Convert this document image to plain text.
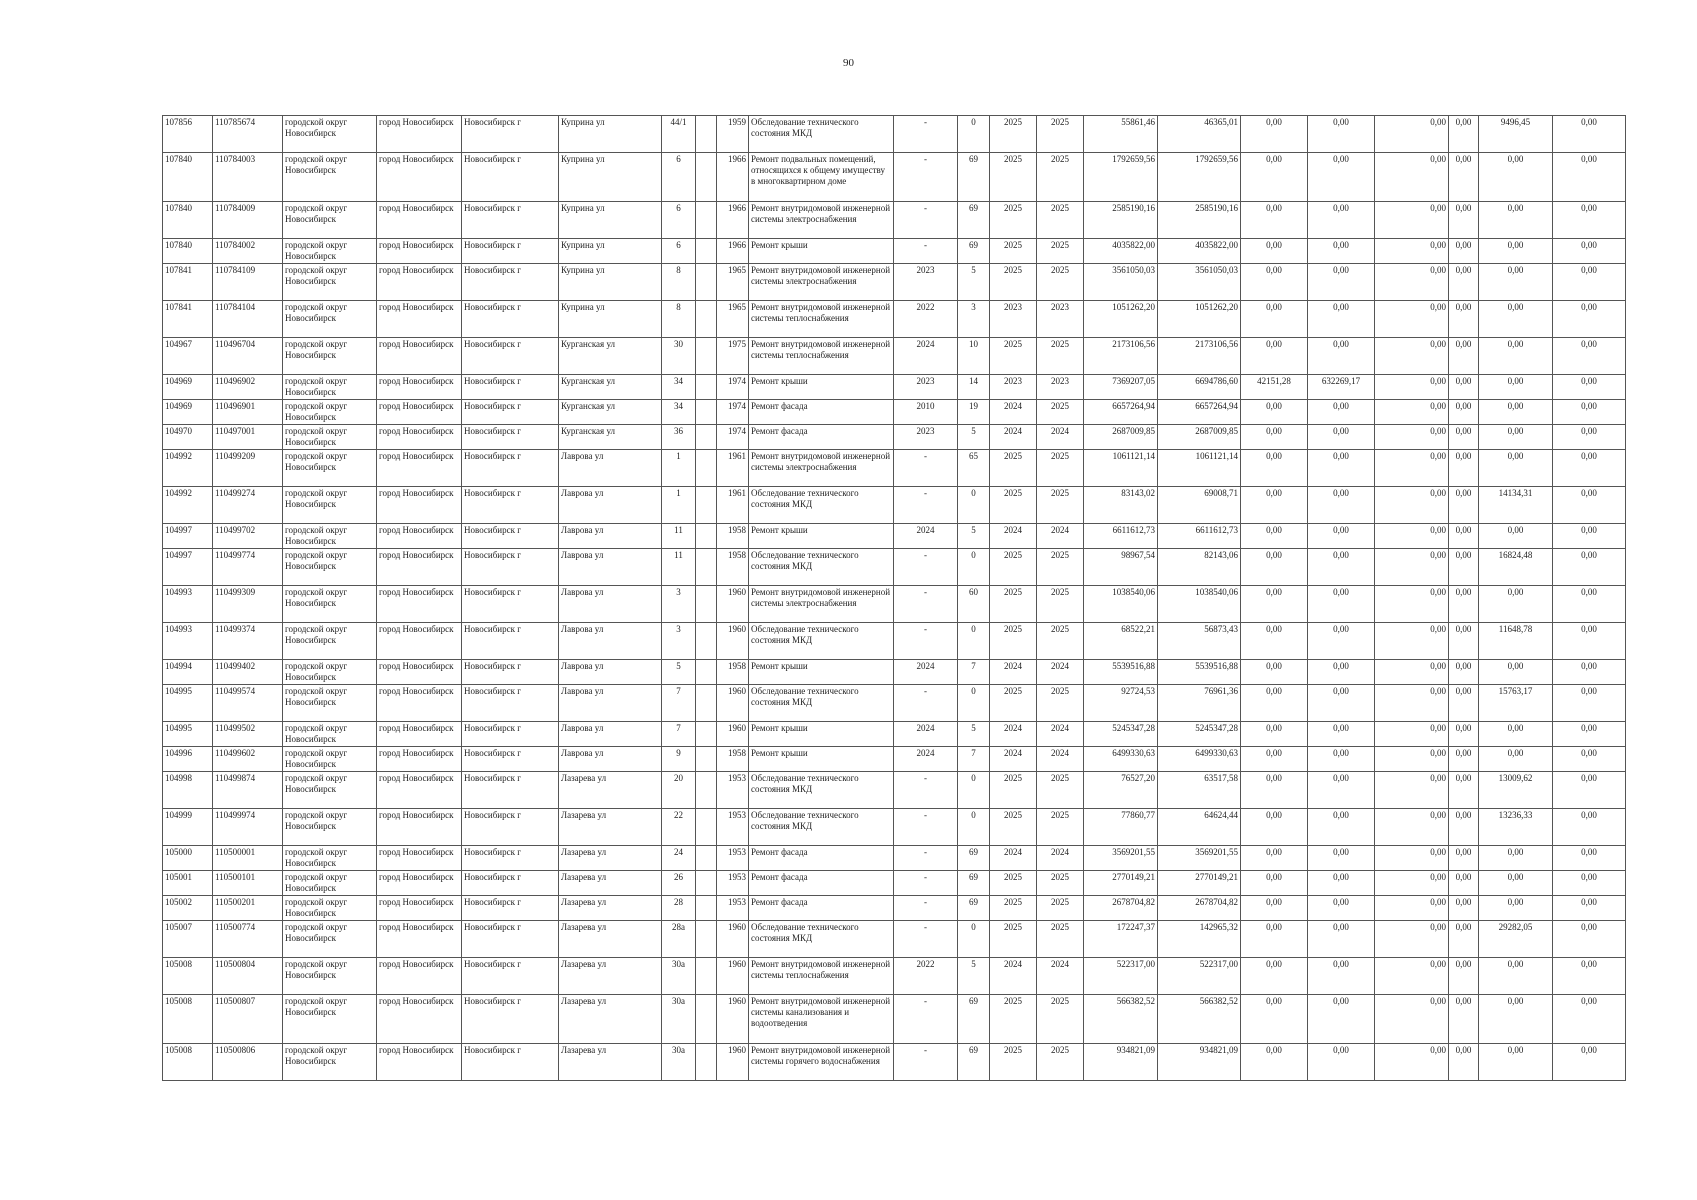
90
107856	110785674	городской округ Новосибирск	город Новосибирск	Новосибирск г	Куприна ул	44/1		1959	Обследование технического состояния МКД	-	0	2025	2025	55861,46	46365,01	0,00	0,00	0,00	0,00	9496,45	0,00
107840	110784003	городской округ Новосибирск	город Новосибирск	Новосибирск г	Куприна ул	6		1966	Ремонт подвальных помещений, относящихся к общему имуществу в многоквартирном доме	-	69	2025	2025	1792659,56	1792659,56	0,00	0,00	0,00	0,00	0,00	0,00
107840	110784009	городской округ Новосибирск	город Новосибирск	Новосибирск г	Куприна ул	6		1966	Ремонт внутридомовой инженерной системы электроснабжения	-	69	2025	2025	2585190,16	2585190,16	0,00	0,00	0,00	0,00	0,00	0,00
107840	110784002	городской округ Новосибирск	город Новосибирск	Новосибирск г	Куприна ул	6		1966	Ремонт крыши	-	69	2025	2025	4035822,00	4035822,00	0,00	0,00	0,00	0,00	0,00	0,00
107841	110784109	городской округ Новосибирск	город Новосибирск	Новосибирск г	Куприна ул	8		1965	Ремонт внутридомовой инженерной системы электроснабжения	2023	5	2025	2025	3561050,03	3561050,03	0,00	0,00	0,00	0,00	0,00	0,00
107841	110784104	городской округ Новосибирск	город Новосибирск	Новосибирск г	Куприна ул	8		1965	Ремонт внутридомовой инженерной системы теплоснабжения	2022	3	2023	2023	1051262,20	1051262,20	0,00	0,00	0,00	0,00	0,00	0,00
104967	110496704	городской округ Новосибирск	город Новосибирск	Новосибирск г	Курганская ул	30		1975	Ремонт внутридомовой инженерной системы теплоснабжения	2024	10	2025	2025	2173106,56	2173106,56	0,00	0,00	0,00	0,00	0,00	0,00
104969	110496902	городской округ Новосибирск	город Новосибирск	Новосибирск г	Курганская ул	34		1974	Ремонт крыши	2023	14	2023	2023	7369207,05	6694786,60	42151,28	632269,17	0,00	0,00	0,00	0,00
104969	110496901	городской округ Новосибирск	город Новосибирск	Новосибирск г	Курганская ул	34		1974	Ремонт фасада	2010	19	2024	2025	6657264,94	6657264,94	0,00	0,00	0,00	0,00	0,00	0,00
104970	110497001	городской округ Новосибирск	город Новосибирск	Новосибирск г	Курганская ул	36		1974	Ремонт фасада	2023	5	2024	2024	2687009,85	2687009,85	0,00	0,00	0,00	0,00	0,00	0,00
104992	110499209	городской округ Новосибирск	город Новосибирск	Новосибирск г	Лаврова ул	1		1961	Ремонт внутридомовой инженерной системы электроснабжения	-	65	2025	2025	1061121,14	1061121,14	0,00	0,00	0,00	0,00	0,00	0,00
104992	110499274	городской округ Новосибирск	город Новосибирск	Новосибирск г	Лаврова ул	1		1961	Обследование технического состояния МКД	-	0	2025	2025	83143,02	69008,71	0,00	0,00	0,00	0,00	14134,31	0,00
104997	110499702	городской округ Новосибирск	город Новосибирск	Новосибирск г	Лаврова ул	11		1958	Ремонт крыши	2024	5	2024	2024	6611612,73	6611612,73	0,00	0,00	0,00	0,00	0,00	0,00
104997	110499774	городской округ Новосибирск	город Новосибирск	Новосибирск г	Лаврова ул	11		1958	Обследование технического состояния МКД	-	0	2025	2025	98967,54	82143,06	0,00	0,00	0,00	0,00	16824,48	0,00
104993	110499309	городской округ Новосибирск	город Новосибирск	Новосибирск г	Лаврова ул	3		1960	Ремонт внутридомовой инженерной системы электроснабжения	-	60	2025	2025	1038540,06	1038540,06	0,00	0,00	0,00	0,00	0,00	0,00
104993	110499374	городской округ Новосибирск	город Новосибирск	Новосибирск г	Лаврова ул	3		1960	Обследование технического состояния МКД	-	0	2025	2025	68522,21	56873,43	0,00	0,00	0,00	0,00	11648,78	0,00
104994	110499402	городской округ Новосибирск	город Новосибирск	Новосибирск г	Лаврова ул	5		1958	Ремонт крыши	2024	7	2024	2024	5539516,88	5539516,88	0,00	0,00	0,00	0,00	0,00	0,00
104995	110499574	городской округ Новосибирск	город Новосибирск	Новосибирск г	Лаврова ул	7		1960	Обследование технического состояния МКД	-	0	2025	2025	92724,53	76961,36	0,00	0,00	0,00	0,00	15763,17	0,00
104995	110499502	городской округ Новосибирск	город Новосибирск	Новосибирск г	Лаврова ул	7		1960	Ремонт крыши	2024	5	2024	2024	5245347,28	5245347,28	0,00	0,00	0,00	0,00	0,00	0,00
104996	110499602	городской округ Новосибирск	город Новосибирск	Новосибирск г	Лаврова ул	9		1958	Ремонт крыши	2024	7	2024	2024	6499330,63	6499330,63	0,00	0,00	0,00	0,00	0,00	0,00
104998	110499874	городской округ Новосибирск	город Новосибирск	Новосибирск г	Лазарева ул	20		1953	Обследование технического состояния МКД	-	0	2025	2025	76527,20	63517,58	0,00	0,00	0,00	0,00	13009,62	0,00
104999	110499974	городской округ Новосибирск	город Новосибирск	Новосибирск г	Лазарева ул	22		1953	Обследование технического состояния МКД	-	0	2025	2025	77860,77	64624,44	0,00	0,00	0,00	0,00	13236,33	0,00
105000	110500001	городской округ Новосибирск	город Новосибирск	Новосибирск г	Лазарева ул	24		1953	Ремонт фасада	-	69	2024	2024	3569201,55	3569201,55	0,00	0,00	0,00	0,00	0,00	0,00
105001	110500101	городской округ Новосибирск	город Новосибирск	Новосибирск г	Лазарева ул	26		1953	Ремонт фасада	-	69	2025	2025	2770149,21	2770149,21	0,00	0,00	0,00	0,00	0,00	0,00
105002	110500201	городской округ Новосибирск	город Новосибирск	Новосибирск г	Лазарева ул	28		1953	Ремонт фасада	-	69	2025	2025	2678704,82	2678704,82	0,00	0,00	0,00	0,00	0,00	0,00
105007	110500774	городской округ Новосибирск	город Новосибирск	Новосибирск г	Лазарева ул	28а		1960	Обследование технического состояния МКД	-	0	2025	2025	172247,37	142965,32	0,00	0,00	0,00	0,00	29282,05	0,00
105008	110500804	городской округ Новосибирск	город Новосибирск	Новосибирск г	Лазарева ул	30а		1960	Ремонт внутридомовой инженерной системы теплоснабжения	2022	5	2024	2024	522317,00	522317,00	0,00	0,00	0,00	0,00	0,00	0,00
105008	110500807	городской округ Новосибирск	город Новосибирск	Новосибирск г	Лазарева ул	30а		1960	Ремонт внутридомовой инженерной системы канализования и водоотведения	-	69	2025	2025	566382,52	566382,52	0,00	0,00	0,00	0,00	0,00	0,00
105008	110500806	городской округ Новосибирск	город Новосибирск	Новосибирск г	Лазарева ул	30а		1960	Ремонт внутридомовой инженерной системы горячего водоснабжения	-	69	2025	2025	934821,09	934821,09	0,00	0,00	0,00	0,00	0,00	0,00
